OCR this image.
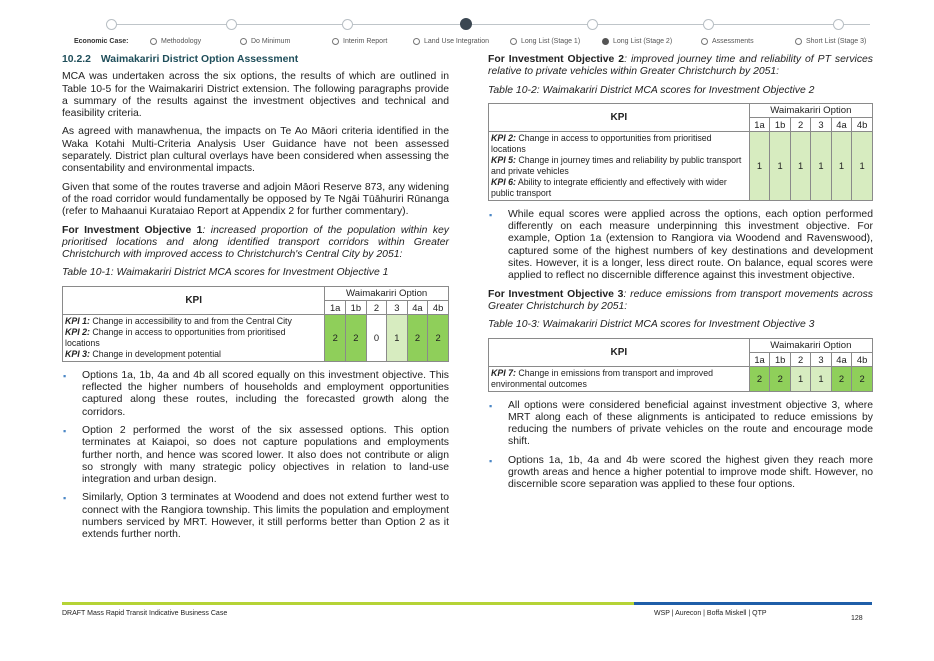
Economic Case:	Methodology	Do Minimum	Interim Report	Land Use Integration	Long List (Stage 1)	Long List (Stage 2)	Assessments	Short List (Stage 3)
10.2.2 Waimakariri District Option Assessment

MCA was undertaken across the six options, the results of which are outlined in Table 10-5 for the Waimakariri District extension. The following paragraphs provide a summary of the results against the investment objectives and technical and feasibility criteria.

As agreed with manawhenua, the impacts on Te Ao Māori criteria identified in the Waka Kotahi Multi-Criteria Analysis User Guidance have not been assessed separately. District plan cultural overlays have been considered when assessing the consentability and environmental impacts.

Given that some of the routes traverse and adjoin Māori Reserve 873, any widening of the road corridor would fundamentally be opposed by Te Ngāi Tūāhuriri Rūnanga (refer to Mahaanui Kurataiao Report at Appendix 2 for further commentary).

For Investment Objective 1: increased proportion of the population within key prioritised locations and along identified transport corridors within Greater Christchurch with improved access to Christchurch's Central City by 2051:

Table 10-1: Waimakariri District MCA scores for Investment Objective 1

KPI	Waimakariri Option					
	1a	1b	2	3	4a	4b

KPI 1: Change in accessibility to and from the Central City
KPI 2: Change in access to opportunities from prioritised locations
KPI 3: Change in development potential	2	2	0	1	2	2
▪ Options 1a, 1b, 4a and 4b all scored equally on this investment objective. This reflected the higher numbers of households and employment opportunities captured along these routes, including the forecasted growth along the corridors.
▪ Option 2 performed the worst of the six assessed options. This option terminates at Kaiapoi, so does not capture populations and employments further north, and hence was scored lower. It also does not contribute or align so strongly with many strategic policy objectives in relation to land-use integration and urban design.
▪ Similarly, Option 3 terminates at Woodend and does not extend further west to connect with the Rangiora township. This limits the population and employment numbers serviced by MRT. However, it still performs better than Option 2 as it extends further north.

For Investment Objective 2: improved journey time and reliability of PT services relative to private vehicles within Greater Christchurch by 2051:

Table 10-2: Waimakariri District MCA scores for Investment Objective 2

KPI	Waimakariri Option					
	1a	1b	2	3	4a	4b

KPI 2: Change in access to opportunities from prioritised locations
KPI 5: Change in journey times and reliability by public transport and private vehicles
KPI 6: Ability to integrate efficiently and effectively with wider public transport	1	1	1	1	1	1
▪ While equal scores were applied across the options, each option performed differently on each measure underpinning this investment objective. For example, Option 1a (extension to Rangiora via Woodend and Ravenswood), captured some of the highest numbers of key destinations and development sites. However, it is a longer, less direct route. On balance, equal scores were applied to reflect no discernible difference against this investment objective.

For Investment Objective 3: reduce emissions from transport movements across Greater Christchurch by 2051:

Table 10-3: Waimakariri District MCA scores for Investment Objective 3

KPI	Waimakariri Option					
	1a	1b	2	3	4a	4b

KPI 7: Change in emissions from transport and improved environmental outcomes	2	2	1	1	2	2
▪ All options were considered beneficial against investment objective 3, where MRT along each of these alignments is anticipated to reduce emissions by reducing the numbers of private vehicles on the route and encourage mode shift.
▪ Options 1a, 1b, 4a and 4b were scored the highest given they reach more growth areas and hence a higher potential to improve mode shift. However, no discernible score separation was applied to these four options.
DRAFT Mass Rapid Transit Indicative Business Case	WSP | Aurecon | Boffa Miskell | QTP
128
